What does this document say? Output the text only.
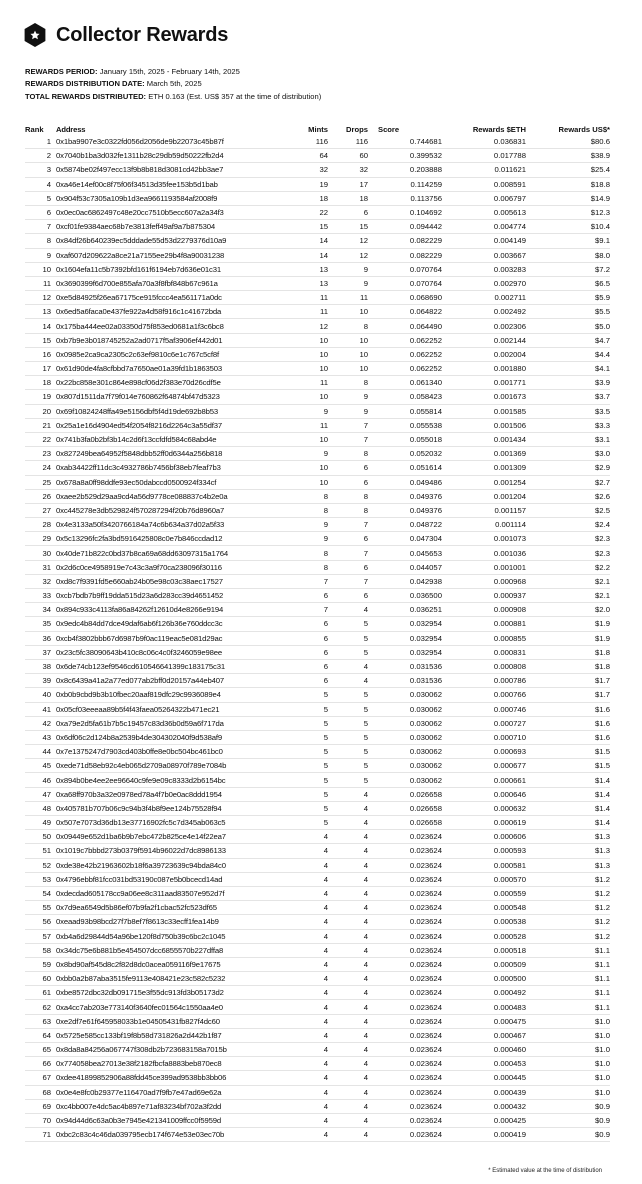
Collector Rewards
REWARDS PERIOD: January 15th, 2025 - February 14th, 2025
REWARDS DISTRIBUTION DATE: March 5th, 2025
TOTAL REWARDS DISTRIBUTED: ETH 0.163 (Est. US$ 357 at the time of distribution)
Rank	Address	Mints	Drops	Score	Rewards $ETH	Rewards US$*
1 0x1ba9907e3c0322fd056d2056de9b22073c45b87f	116	116	0.744681	0.036831	$80.6
2 0x7040b1ba3d032fe1311b28c29db59d50222fb2d4	64	60	0.399532	0.017788	$38.9
3 0x5874be02f497ecc13f9b8b818d3081cd42bb3ae7	32	32	0.203888	0.011621	$25.4
4 0xa46e14ef00c8f75f06f34513d35fee153b5d1bab	19	17	0.114259	0.008591	$18.8
5 0x904f53c7305a109b1d3ea9661193584af2008f9	18	18	0.113756	0.006797	$14.9
6 0x0ec0ac6862497c48e20cc7510b5ecc607a2a34f3	22	6	0.104692	0.005613	$12.3
7 0xcf01fe9384aec68b7e3813feff49af9a7b875304	15	15	0.094442	0.004774	$10.4
8 0x84df26b640239ec5dddade55d53d2279376d10a9	14	12	0.082229	0.004149	$9.1
9 0xaf607d209622a8ce21a7155ee29b4f8a90031238	14	12	0.082229	0.003667	$8.0
10 0x1604efa11c5b7392bfd161f6194eb7d636e01c31	13	9	0.070764	0.003283	$7.2
11 0x3690399f6d700e855afa70a3f8fbf848b67c961a	13	9	0.070764	0.002970	$6.5
12 0xe5d84925f26ea67175ce915fccc4ea561171a0dc	11	11	0.068690	0.002711	$5.9
13 0x6ed5a6faca0e437fe922a4d58f916c1c41672bda	11	10	0.064822	0.002492	$5.5
14 0x175ba444ee02a03350d75f853ed0681a1f3c6bc8	12	8	0.064490	0.002306	$5.0
15 0xb7b9e3b018745252a2ad0717f5af3906ef442d01	10	10	0.062252	0.002144	$4.7
16 0x0985e2ca9ca2305c2c63ef9810c6e1c767c5cf8f	10	10	0.062252	0.002004	$4.4
17 0x61d90de4fa8cfbbd7a7650ae01a39fd1b1863503	10	10	0.062252	0.001880	$4.1
18 0x22bc858e301c864e898cf06d2f383e70d26cdf5e	11	8	0.061340	0.001771	$3.9
19 0x807d1511da7f79f014e760862f64874bf47d5323	10	9	0.058423	0.001673	$3.7
20 0x69f10824248ffa49e5156dbf5f4d19de692b8b53	9	9	0.055814	0.001585	$3.5
21 0x25a1e16d4904ed54f2054f8216d2264c3a55df37	11	7	0.055538	0.001506	$3.3
22 0x741b3fa0b2bf3b14c2d6f13ccfdfd584c68abd4e	10	7	0.055018	0.001434	$3.1
23 0x827249bea64952f5848dbb52ff0d6344a256b818	9	8	0.052032	0.001369	$3.0
24 0xab34422ff11dc3c4932786b7456bf38eb7feaf7b3	10	6	0.051614	0.001309	$2.9
25 0x678a8a0ff98ddfe93ec50dabccd0500924f334cf	10	6	0.049486	0.001254	$2.7
26 0xaee2b529d29aa9cd4a56d9778ce088837c4b2e0a	8	8	0.049376	0.001204	$2.6
27 0xc445278e3db529824f570287294f20b76d8960a7	8	8	0.049376	0.001157	$2.5
28 0x4e3133a50f3420766184a74c6b634a37d02a5f33	9	7	0.048722	0.001114	$2.4
29 0x5c13296fc2fa3bd5916425808c0e7b846ccdad12	9	6	0.047304	0.001073	$2.3
30 0x40de71b822c0bd37b8ca69a68dd63097315a1764	8	7	0.045653	0.001036	$2.3
31 0x2d6c0ce4958919e7c43c3a9f70ca238096f30116	8	6	0.044057	0.001001	$2.2
32 0xd8c7f9391fd5e660ab24b05e98c03c38aec17527	7	7	0.042938	0.000968	$2.1
33 0xcb7bdb7b9ff19dda515d23a6d283cc39d4651452	6	6	0.036500	0.000937	$2.1
34 0x894c933c4113fa86a84262f12610d4e8266e9194	7	4	0.036251	0.000908	$2.0
35 0x9edc4b84dd7dce49daf6ab6f126b36e760ddcc3c	6	5	0.032954	0.000881	$1.9
36 0xcb4f3802bbb67d6987b9f0ac119eac5e081d29ac	6	5	0.032954	0.000855	$1.9
37 0x23c5fc38090643b410c8c06c4c0f3246059e98ee	6	5	0.032954	0.000831	$1.8
38 0x6de74cb123ef9546cd610546641399c183175c31	6	4	0.031536	0.000808	$1.8
39 0x8c6439a41a2a77ed077ab2bff0d20157a44eb407	6	4	0.031536	0.000786	$1.7
40 0xb0b9cbd9b3b10fbec20aaf819dfc29c9936089e4	5	5	0.030062	0.000766	$1.7
41 0x05cf03eeeaa89b5f4f43faea05264322b471ec21	5	5	0.030062	0.000746	$1.6
42 0xa79e2d5fa61b7b5c19457c83d36b0d59a6f717da	5	5	0.030062	0.000727	$1.6
43 0x6df06c2d124b8a2539b4de304302040f9d538af9	5	5	0.030062	0.000710	$1.6
44 0x7e1375247d7903cd403b0ffe8e0bc504bc461bc0	5	5	0.030062	0.000693	$1.5
45 0xede71d58eb92c4eb065d2709a08970f789e7084b	5	5	0.030062	0.000677	$1.5
46 0x894b0be4ee2ee96640c9fe9e09c8333d2b6154bc	5	5	0.030062	0.000661	$1.4
47 0xa68ff970b3a32e0978ed78a4f7b0e0ac8ddd1954	5	4	0.026658	0.000646	$1.4
48 0x405781b707b06c9c94b3f4b8f9ee124b75528f94	5	4	0.026658	0.000632	$1.4
49 0x507e7073d36db13e37716902fc5c7d345ab063c5	5	4	0.026658	0.000619	$1.4
50 0x09449e652d1ba6b9b7ebc472b825ce4e14f22ea7	4	4	0.023624	0.000606	$1.3
51 0x1019c7bbbd273b0379f5914b96022d7dc8986133	4	4	0.023624	0.000593	$1.3
52 0xde38e42b21963602b18f6a39723639c94bda84c0	4	4	0.023624	0.000581	$1.3
53 0x4796ebbf81fcc031bd53190c087e5b0bcecd14ad	4	4	0.023624	0.000570	$1.2
54 0xdecdad605178cc9a06ee8c311aad83507e952d7f	4	4	0.023624	0.000559	$1.2
55 0x7d9ea6549d5b86ef07b9fa2f1cbac52fc523df65	4	4	0.023624	0.000548	$1.2
56 0xeaad93b98bcd27f7b8ef7f8613c33ecff1fea14b9	4	4	0.023624	0.000538	$1.2
57 0xb4a6d29844d54a96be120f8d750b39c6bc2c1045	4	4	0.023624	0.000528	$1.2
58 0x34dc75e6b881b5e454507dcc6855570b227dffa8	4	4	0.023624	0.000518	$1.1
59 0x8bd90af545d8c2f82d8dc0acea059116f9e17675	4	4	0.023624	0.000509	$1.1
60 0xbb0a2b87aba3515fe9113e408421e23c582c5232	4	4	0.023624	0.000500	$1.1
61 0xbe8572dbc32db091715e3f55dc913fd3b05173d2	4	4	0.023624	0.000492	$1.1
62 0xa4cc7ab203e773140f3640fec01564c1550aa4e0	4	4	0.023624	0.000483	$1.1
63 0xe2df7e61f645958033b1e04505431fb827f4dc60	4	4	0.023624	0.000475	$1.0
64 0x5725e585cc133bf19f8b58d731826a2d442b1f87	4	4	0.023624	0.000467	$1.0
65 0x8da8a84256a067747f308db2b723683158a7015b	4	4	0.023624	0.000460	$1.0
66 0x774058bea27013e38f2182fbcfa8883beb870ec8	4	4	0.023624	0.000453	$1.0
67 0xdee41899852906a88fdd45ce399ad9538bb3bb06	4	4	0.023624	0.000445	$1.0
68 0x0e4e8fc0b29377e116470ad7f9fb7e47ad69e62a	4	4	0.023624	0.000439	$1.0
69 0xc4bb007e4dc5ac4b897e71af83234bf702a3f2dd	4	4	0.023624	0.000432	$0.9
70 0x94d44d6c63a0b3e7945e421341009ffcc0f5959d	4	4	0.023624	0.000425	$0.9
71 0xbc2c83c4c46da039795ecb174f674e53e03ec70b	4	4	0.023624	0.000419	$0.9
* Estimated value at the time of distribution
